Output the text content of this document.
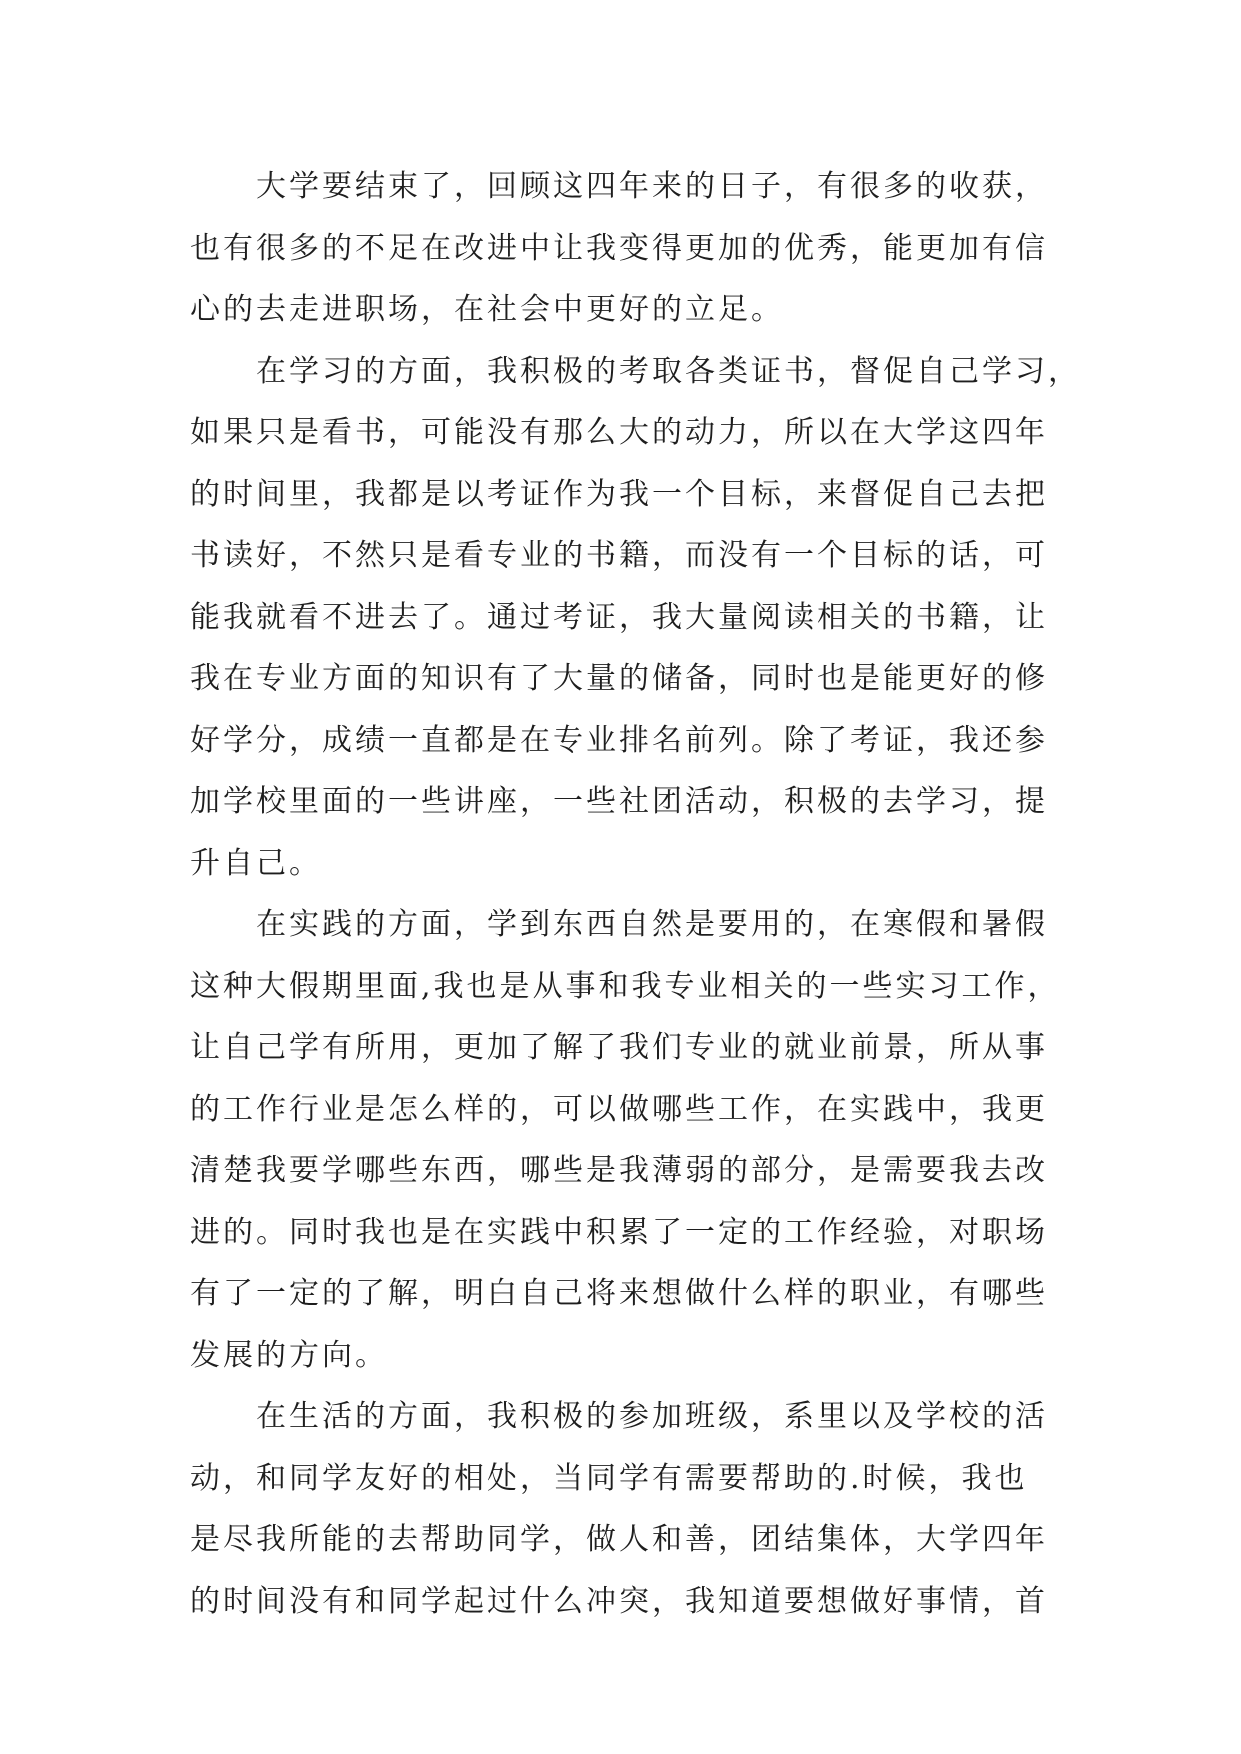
大学要结束了，回顾这四年来的日子，有很多的收获，
也有很多的不足在改进中让我变得更加的优秀，能更加有信
心的去走进职场，在社会中更好的立足。
在学习的方面，我积极的考取各类证书，督促自己学习，
如果只是看书，可能没有那么大的动力，所以在大学这四年
的时间里，我都是以考证作为我一个目标，来督促自己去把
书读好，不然只是看专业的书籍，而没有一个目标的话，可
能我就看不进去了。通过考证，我大量阅读相关的书籍，让
我在专业方面的知识有了大量的储备，同时也是能更好的修
好学分，成绩一直都是在专业排名前列。除了考证，我还参
加学校里面的一些讲座，一些社团活动，积极的去学习，提
升自己。
在实践的方面，学到东西自然是要用的，在寒假和暑假
这种大假期里面,我也是从事和我专业相关的一些实习工作，
让自己学有所用，更加了解了我们专业的就业前景，所从事
的工作行业是怎么样的，可以做哪些工作，在实践中，我更
清楚我要学哪些东西，哪些是我薄弱的部分，是需要我去改
进的。同时我也是在实践中积累了一定的工作经验，对职场
有了一定的了解，明白自己将来想做什么样的职业，有哪些
发展的方向。
在生活的方面，我积极的参加班级，系里以及学校的活
动，和同学友好的相处，当同学有需要帮助的.时候，我也
是尽我所能的去帮助同学，做人和善，团结集体，大学四年
的时间没有和同学起过什么冲突，我知道要想做好事情，首
